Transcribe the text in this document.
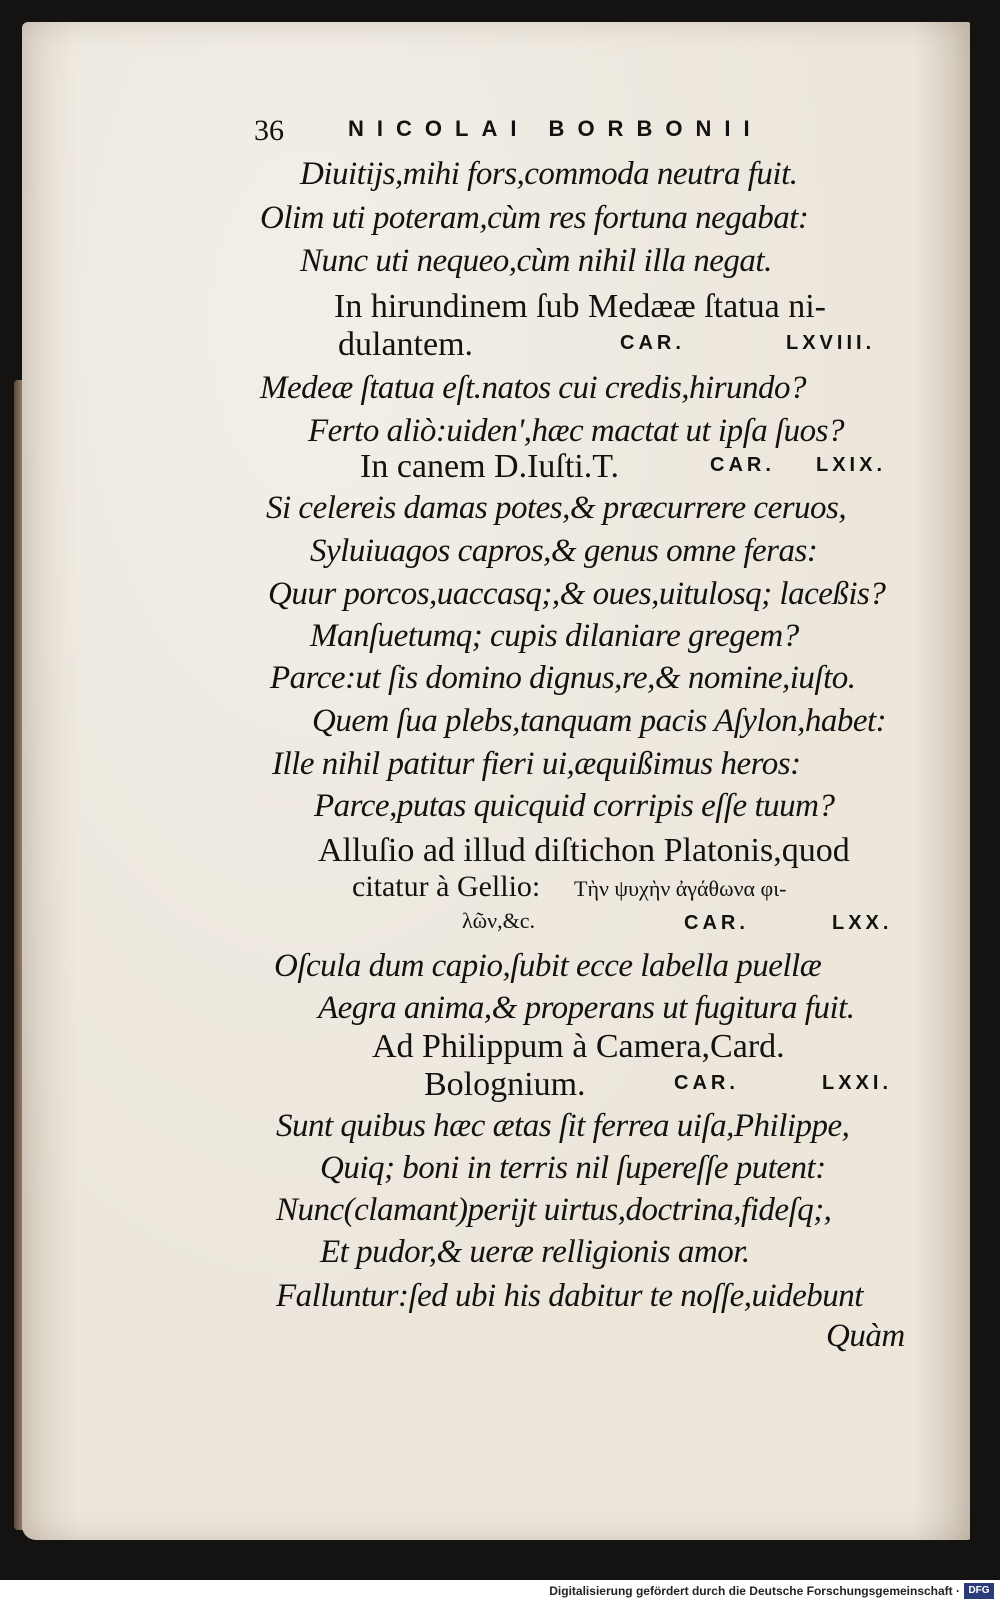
36	NICOLAI BORBONII
Diuitijs,mihi fors,commoda neutra fuit.
Olim uti poteram,cùm res fortuna negabat:
Nunc uti nequeo,cùm nihil illa negat.
In hirundinem ſub Medææ ſtatua ni-
dulantem.	CAR.	LXVIII.
Medeæ ſtatua eſt.natos cui credis,hirundo?
Ferto aliò:uiden',hæc mactat ut ipſa ſuos?
In canem D.Iuſti.T.	CAR. LXIX.
Si celereis damas potes,& præcurrere ceruos,
Syluiuagos capros,& genus omne feras:
Quur porcos,uaccasq;,& oues,uitulosq; laceßis?
Manſuetumq; cupis dilaniare gregem?
Parce:ut ſis domino dignus,re,& nomine,iuſto.
Quem ſua plebs,tanquam pacis Aſylon,habet:
Ille nihil patitur fieri ui,æquißimus heros:
Parce,putas quicquid corripis eſſe tuum?
Alluſio ad illud diſtichon Platonis,quod
citatur à Gellio: Τὴν ψυχὴν ἀγάθωνα φι-
λῶν,&c.	CAR.	LXX.
Oſcula dum capio,ſubit ecce labella puellæ
Aegra anima,& properans ut fugitura fuit.
Ad Philippum à Camera,Card.
Bolognium.	CAR.	LXXI.
Sunt quibus hæc ætas ſit ferrea uiſa,Philippe,
Quiq; boni in terris nil ſupereſſe putent:
Nunc(clamant)perijt uirtus,doctrina,fideſq;,
Et pudor,& ueræ relligionis amor.
Falluntur:ſed ubi his dabitur te noſſe,uidebunt
Quàm
Digitalisierung gefördert durch die Deutsche Forschungsgemeinschaft · DFG
